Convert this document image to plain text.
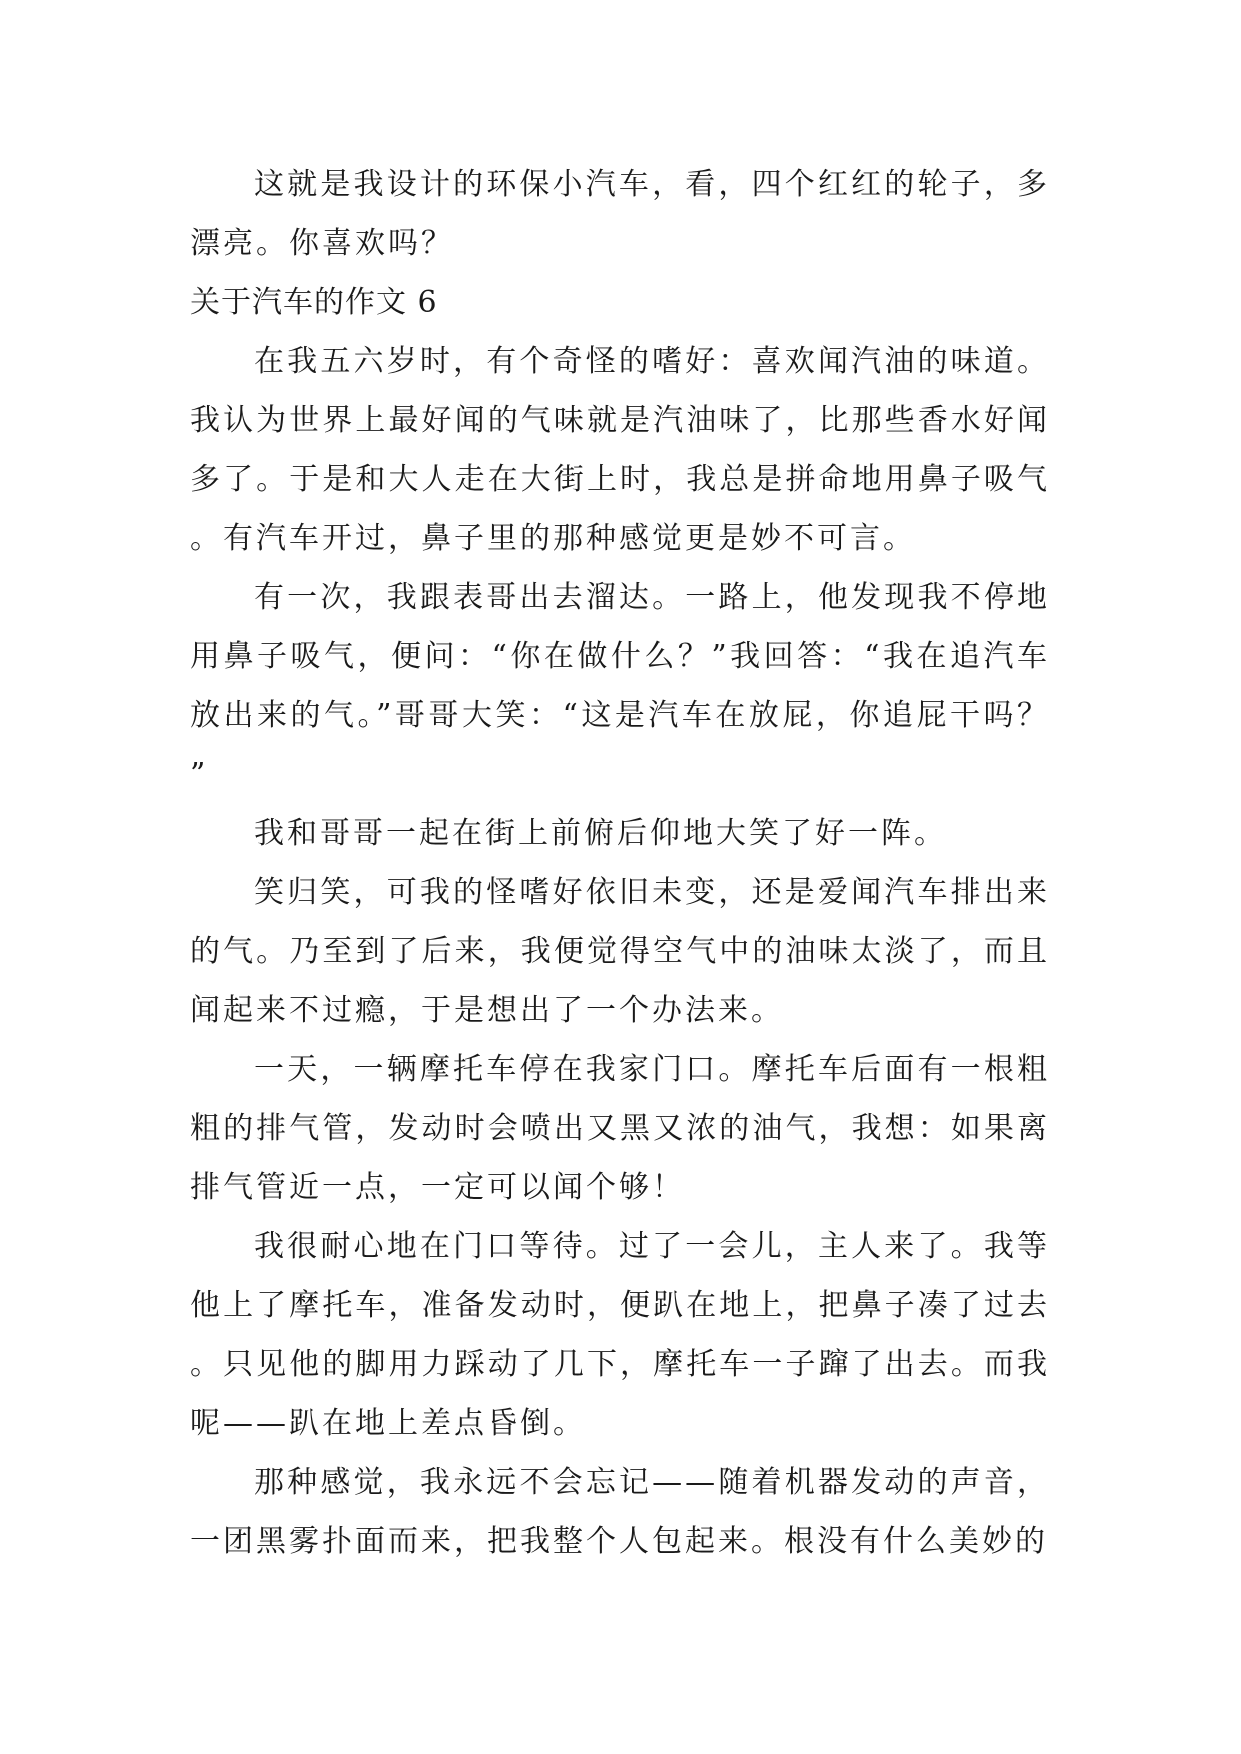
这就是我设计的环保小汽车，看，四个红红的轮子，多漂亮。你喜欢吗？

关于汽车的作文 6

在我五六岁时，有个奇怪的嗜好：喜欢闻汽油的味道。我认为世界上最好闻的气味就是汽油味了，比那些香水好闻多了。于是和大人走在大街上时，我总是拼命地用鼻子吸气。有汽车开过，鼻子里的那种感觉更是妙不可言。

有一次，我跟表哥出去溜达。一路上，他发现我不停地用鼻子吸气，便问：“你在做什么？”我回答：“我在追汽车放出来的气。”哥哥大笑：“这是汽车在放屁，你追屁干吗？”

我和哥哥一起在街上前俯后仰地大笑了好一阵。

笑归笑，可我的怪嗜好依旧未变，还是爱闻汽车排出来的气。乃至到了后来，我便觉得空气中的油味太淡了，而且闻起来不过瘾，于是想出了一个办法来。

一天，一辆摩托车停在我家门口。摩托车后面有一根粗粗的排气管，发动时会喷出又黑又浓的油气，我想：如果离排气管近一点，一定可以闻个够！

我很耐心地在门口等待。过了一会儿，主人来了。我等他上了摩托车，准备发动时，便趴在地上，把鼻子凑了过去。只见他的脚用力踩动了几下，摩托车一子蹿了出去。而我呢——趴在地上差点昏倒。

那种感觉，我永远不会忘记——随着机器发动的声音，一团黑雾扑面而来，把我整个人包起来。根没有什么美妙的
